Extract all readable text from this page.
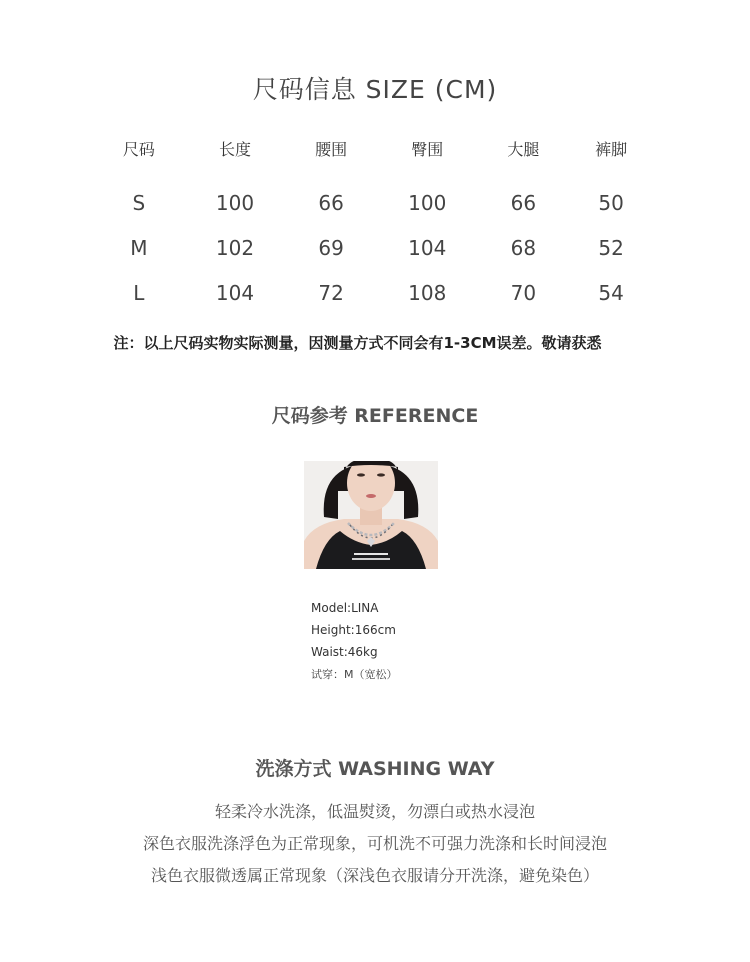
尺码信息 SIZE (CM)
尺码	长度	腰围	臀围	大腿	裤脚

S	100	66	100	66	50
M	102	69	104	68	52
L	104	72	108	70	54
注：以上尺码实物实际测量，因测量方式不同会有1-3CM误差。敬请获悉
尺码参考 REFERENCE
Model:LINA
Height:166cm
Waist:46kg
试穿：M（宽松）
洗涤方式 WASHING WAY
轻柔冷水洗涤，低温熨烫，勿漂白或热水浸泡
深色衣服洗涤浮色为正常现象，可机洗不可强力洗涤和长时间浸泡
浅色衣服微透属正常现象（深浅色衣服请分开洗涤，避免染色）
